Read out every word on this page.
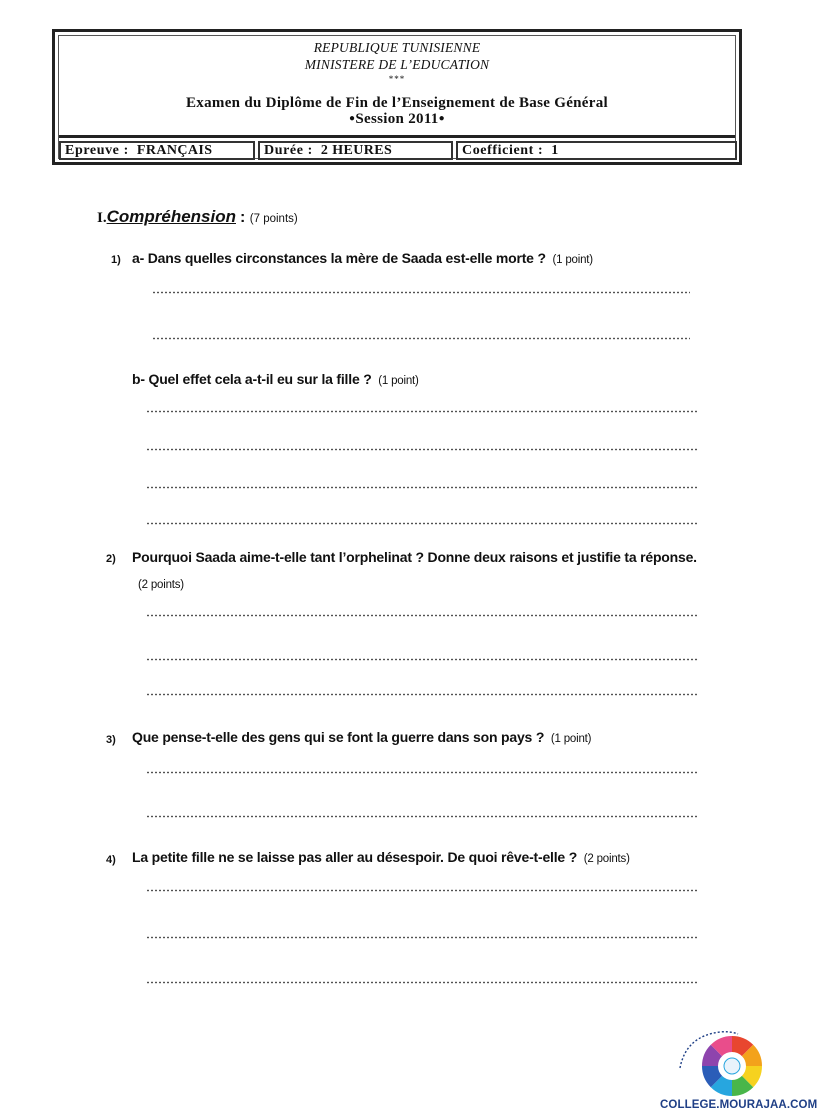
REPUBLIQUE TUNISIENNE
MINISTERE DE L’EDUCATION
***
Examen du Diplôme de Fin de l’Enseignement de Base Général
●Session 2011●
Epreuve : FRANÇAIS	Durée : 2 HEURES	Coefficient : 1
I.Compréhension : (7 points)
1) a- Dans quelles circonstances la mère de Saada est-elle morte ? (1 point)
b- Quel effet cela a-t-il eu sur la fille ? (1 point)
2) Pourquoi Saada aime-t-elle tant l’orphelinat ? Donne deux raisons et justifie ta réponse.
(2 points)
3) Que pense-t-elle des gens qui se font la guerre dans son pays ? (1 point)
4) La petite fille ne se laisse pas aller au désespoir. De quoi rêve-t-elle ? (2 points)
COLLEGE.MOURAJAA.COM
